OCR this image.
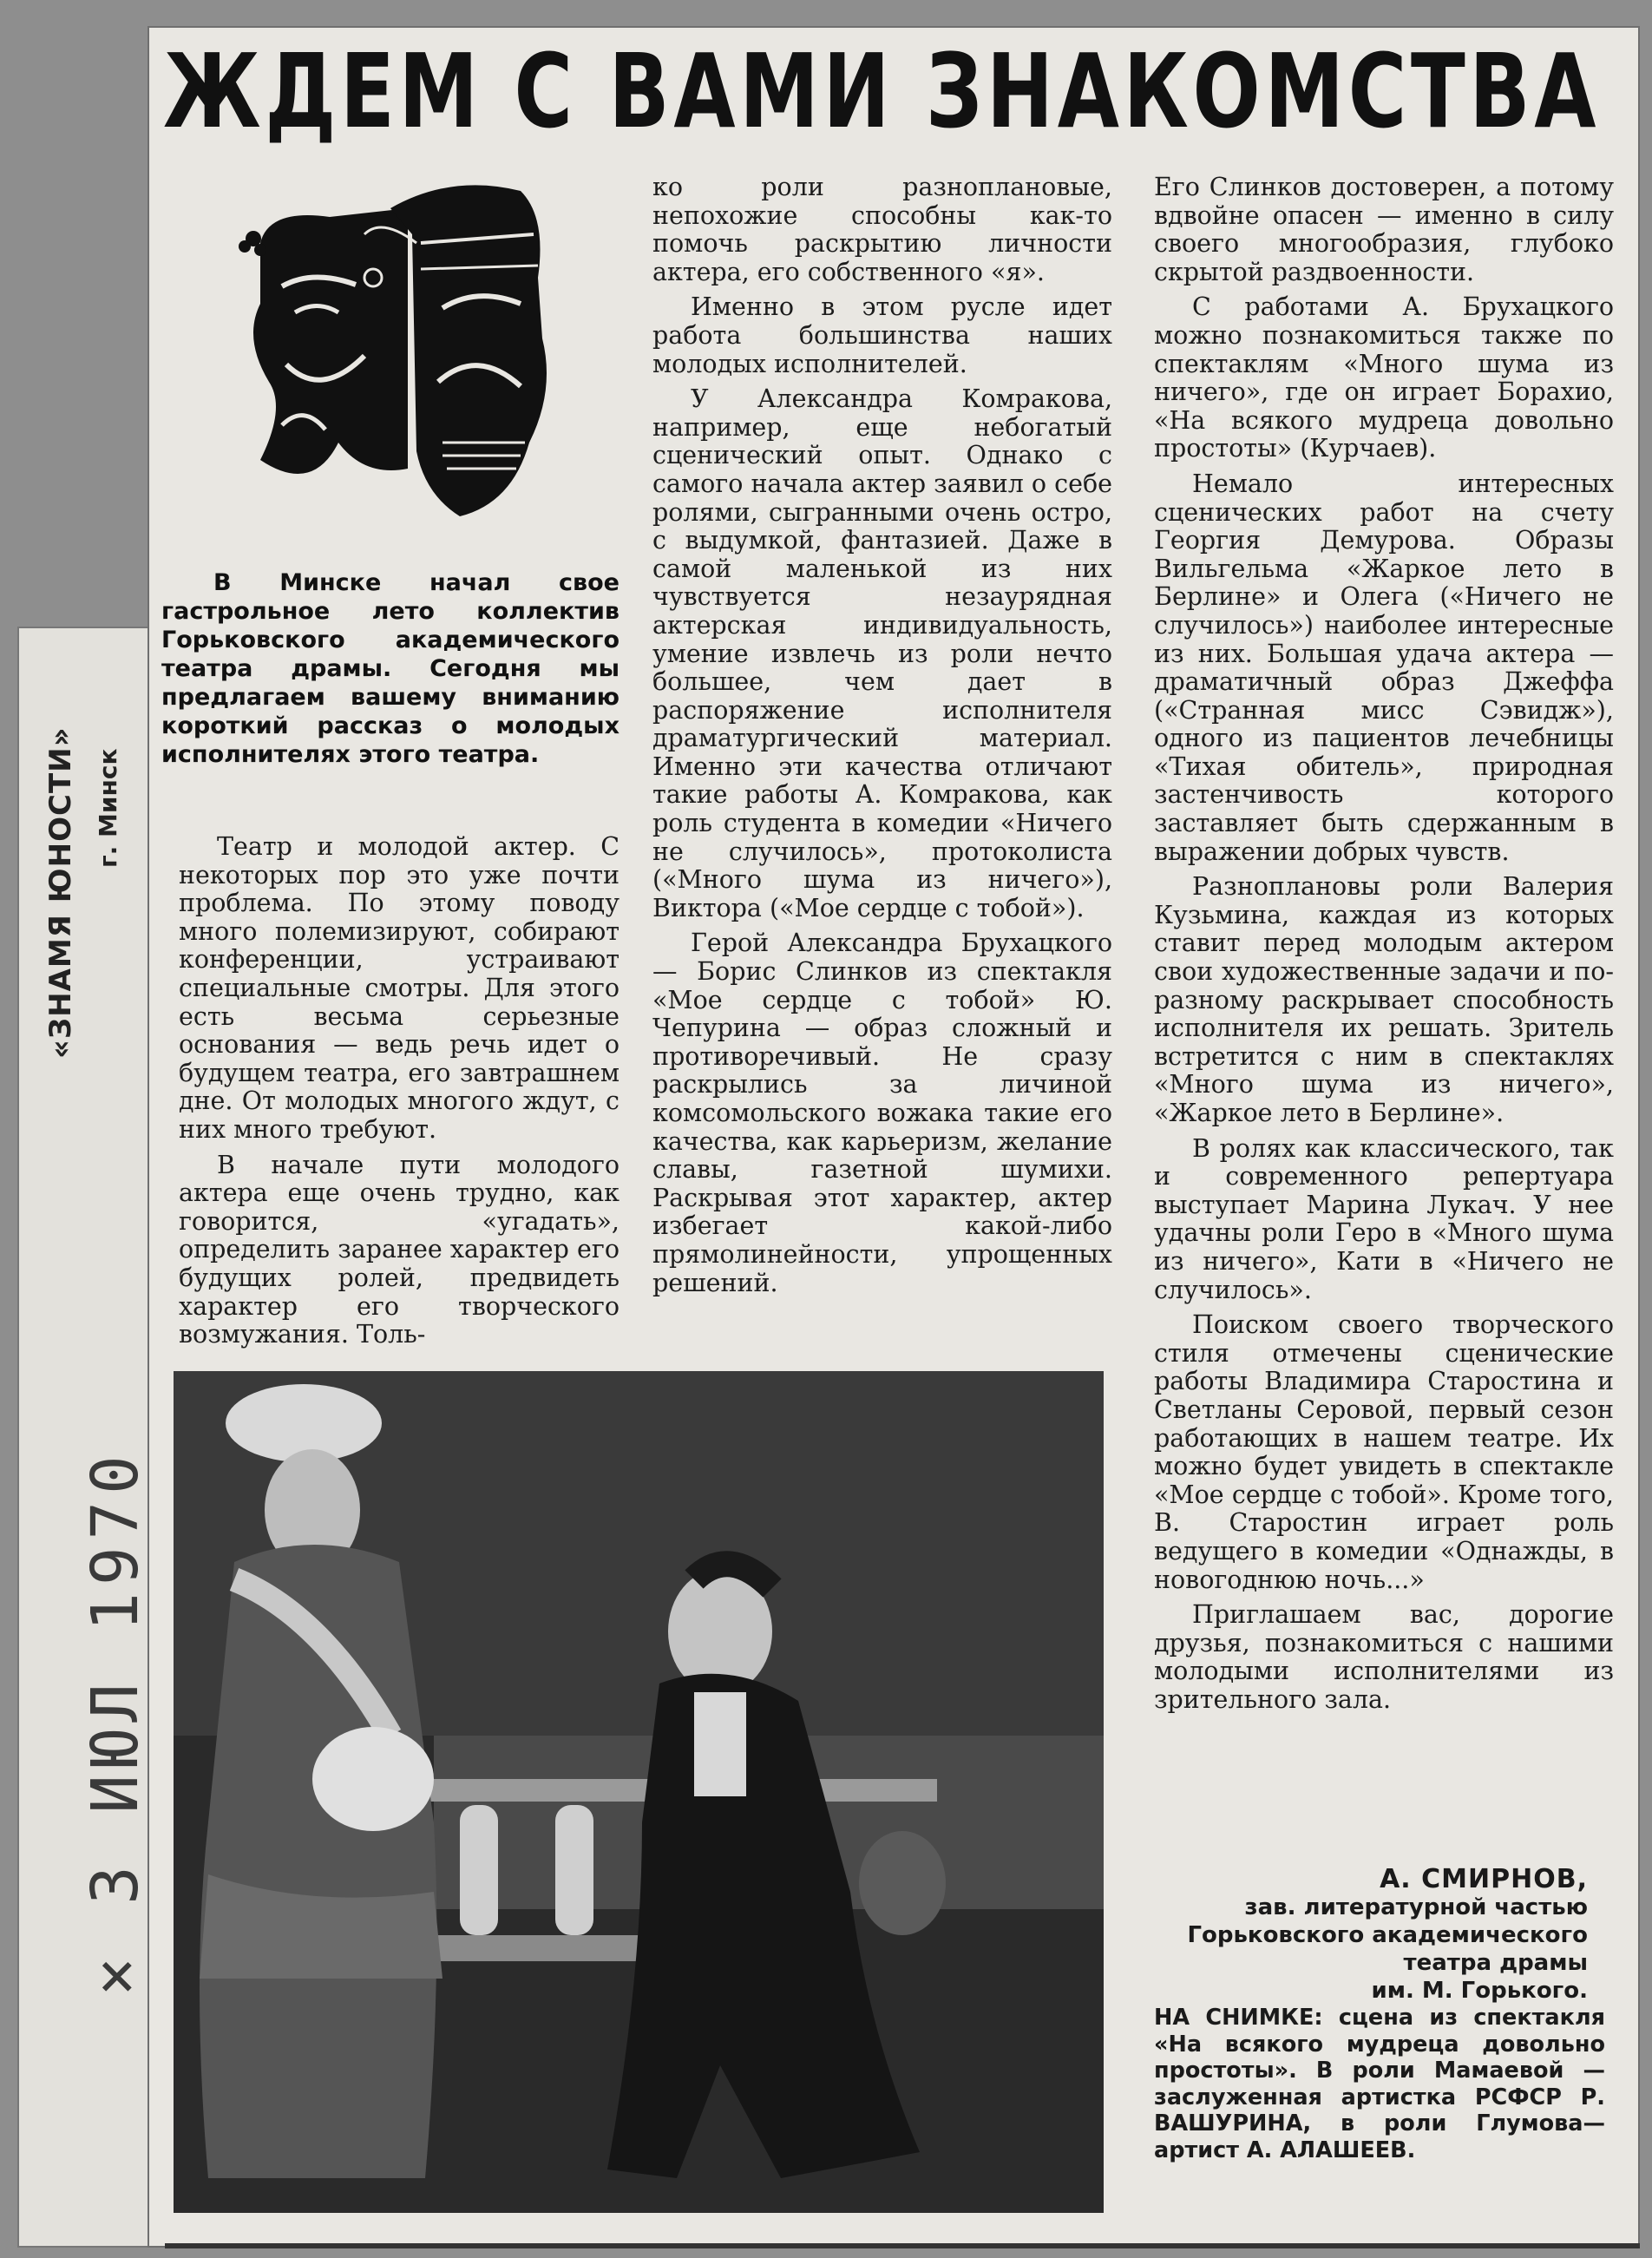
ЖДЕМ С ВАМИ ЗНАКОМСТВА

В Минске начал свое гастрольное лето коллектив Горьковского академического театра драмы. Сегодня мы предлагаем вашему вниманию короткий рассказ о молодых исполнителях этого театра.

Театр и молодой актер. С некоторых пор это уже почти проблема. По этому поводу много полемизируют, собирают конференции, устраивают специальные смотры. Для этого есть весьма серьезные основания — ведь речь идет о будущем театра, его завтрашнем дне. От молодых многого ждут, с них много требуют.

В начале пути молодого актера еще очень трудно, как говорится, «угадать», определить заранее характер его будущих ролей, предвидеть характер его творческого возмужания. Толь-

ко роли разноплановые, непохожие способны как-то помочь раскрытию личности актера, его собственного «я».

Именно в этом русле идет работа большинства наших молодых исполнителей.

У Александра Комракова, например, еще небогатый сценический опыт. Однако с самого начала актер заявил о себе ролями, сыгранными очень остро, с выдумкой, фантазией. Даже в самой маленькой из них чувствуется незаурядная актерская индивидуальность, умение извлечь из роли нечто большее, чем дает в распоряжение исполнителя драматургический материал. Именно эти качества отличают такие работы А. Комракова, как роль студента в комедии «Ничего не случилось», протоколиста («Много шума из ничего»), Виктора («Мое сердце с тобой»).

Герой Александра Брухацкого — Борис Слинков из спектакля «Мое сердце с тобой» Ю. Чепурина — образ сложный и противоречивый. Не сразу раскрылись за личиной комсомольского вожака такие его качества, как карьеризм, желание славы, газетной шумихи. Раскрывая этот характер, актер избегает какой-либо прямолинейности, упрощенных решений.

Его Слинков достоверен, а потому вдвойне опасен — именно в силу своего многообразия, глубоко скрытой раздвоенности.

С работами А. Брухацкого можно познакомиться также по спектаклям «Много шума из ничего», где он играет Борахио, «На всякого мудреца довольно простоты» (Курчаев).

Немало интересных сценических работ на счету Георгия Демурова. Образы Вильгельма «Жаркое лето в Берлине» и Олега («Ничего не случилось») наиболее интересные из них. Большая удача актера — драматичный образ Джеффа («Странная мисс Сэвидж»), одного из пациентов лечебницы «Тихая обитель», природная застенчивость которого заставляет быть сдержанным в выражении добрых чувств.

Разноплановы роли Валерия Кузьмина, каждая из которых ставит перед молодым актером свои художественные задачи и по-разному раскрывает способность исполнителя их решать. Зритель встретится с ним в спектаклях «Много шума из ничего», «Жаркое лето в Берлине».

В ролях как классического, так и современного репертуара выступает Марина Лукач. У нее удачны роли Геро в «Много шума из ничего», Кати в «Ничего не случилось».

Поиском своего творческого стиля отмечены сценические работы Владимира Старостина и Светланы Серовой, первый сезон работающих в нашем театре. Их можно будет увидеть в спектакле «Мое сердце с тобой». Кроме того, В. Старостин играет роль ведущего в комедии «Однажды, в новогоднюю ночь...»

Приглашаем вас, дорогие друзья, познакомиться с нашими молодыми исполнителями из зрительного зала.

А. СМИРНОВ,
зав. литературной частью
Горьковского академического
театра драмы
им. М. Горького.
НА СНИМКЕ: сцена из спектакля «На всякого мудреца довольно простоты». В роли Мамаевой — заслуженная артистка РСФСР Р. ВАШУРИНА, в роли Глумова—артист А. АЛАШЕЕВ.
«ЗНАМЯ ЮНОСТИ» г. Минск
× 3 ИЮЛ 1970
